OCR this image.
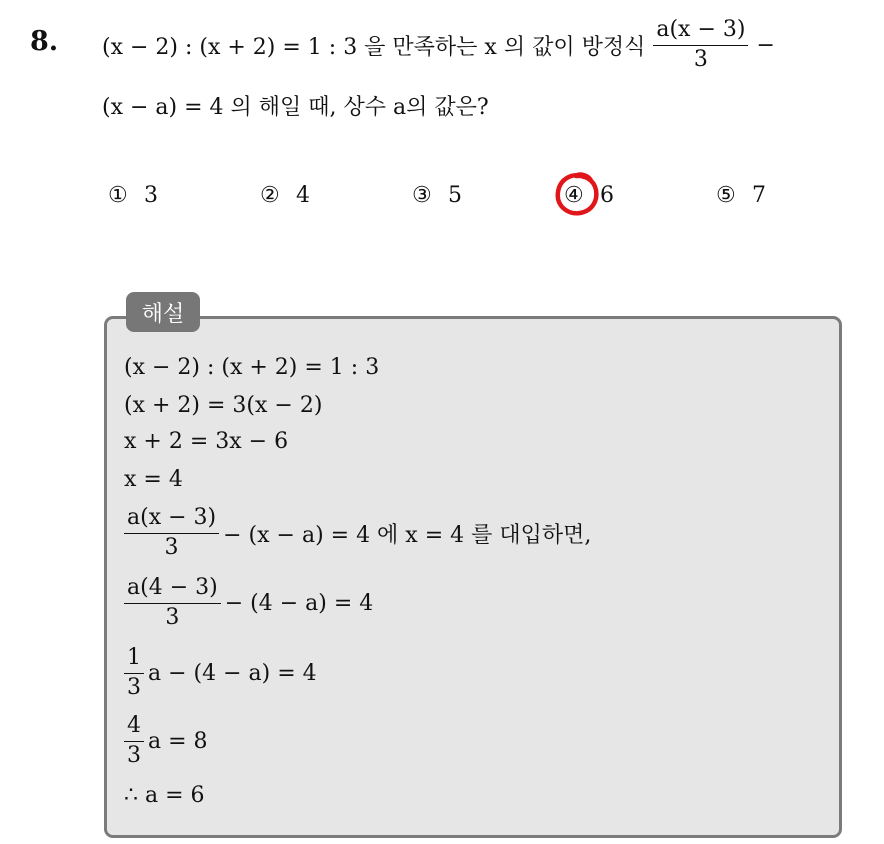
8. (x − 2) : (x + 2) = 1 : 3 을 만족하는 x 의 값이 방정식 $\frac{a(x - 3)}{3}$ −
(x − a) = 4 의 해일 때, 상수 a의 값은?
① 3	② 4	③ 5	④ 6	⑤ 7
해설
(x − 2) : (x + 2) = 1 : 3
(x + 2) = 3(x − 2)
x + 2 = 3x − 6
x = 4
$\frac{a(x - 3)}{3} - (x - a) = 4$ 에 x = 4 를 대입하면,
$\frac{a(4 - 3)}{3} - (4 - a) = 4$
$\frac{1}{3}$ a − (4 − a) = 4
$\frac{4}{3}$ a = 8
∴ a = 6
